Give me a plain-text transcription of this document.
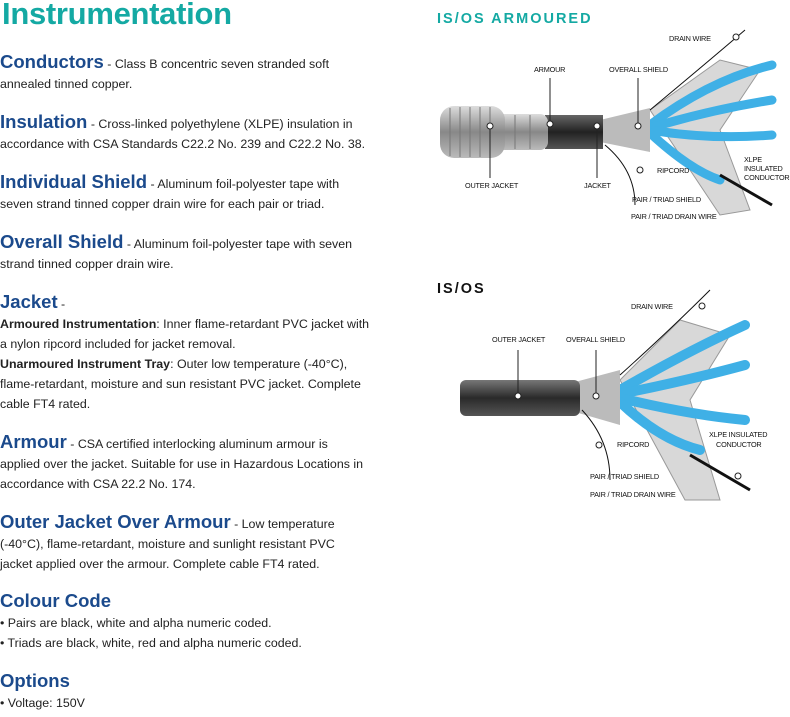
Instrumentation
Conductors - Class B concentric seven stranded soft annealed tinned copper.
Insulation - Cross-linked polyethylene (XLPE) insulation in accordance with CSA Standards C22.2 No. 239 and C22.2 No. 38.
Individual Shield - Aluminum foil-polyester tape with seven strand tinned copper drain wire for each pair or triad.
Overall Shield - Aluminum foil-polyester tape with seven strand tinned copper drain wire.
Jacket -
Armoured Instrumentation: Inner flame-retardant PVC jacket with a nylon ripcord included for jacket removal.
Unarmoured Instrument Tray: Outer low temperature (-40°C), flame-retardant, moisture and sun resistant PVC jacket. Complete cable FT4 rated.
Armour - CSA certified interlocking aluminum armour is applied over the jacket. Suitable for use in Hazardous Locations in accordance with CSA 22.2 No. 174.
Outer Jacket Over Armour - Low temperature (-40°C), flame-retardant, moisture and sunlight resistant PVC jacket applied over the armour. Complete cable FT4 rated.
Colour Code
• Pairs are black, white and alpha numeric coded.
• Triads are black, white, red and alpha numeric coded.
Options
• Voltage: 150V
IS/OS ARMOURED
DRAIN WIRE
ARMOUR	OVERALL SHIELD
OUTER JACKET	JACKET
RIPCORD
XLPE INSULATED CONDUCTOR
PAIR / TRIAD SHIELD
PAIR / TRIAD DRAIN WIRE
IS/OS
DRAIN WIRE
OUTER JACKET	OVERALL SHIELD
RIPCORD
XLPE INSULATED
CONDUCTOR
PAIR / TRIAD SHIELD
PAIR / TRIAD DRAIN WIRE
